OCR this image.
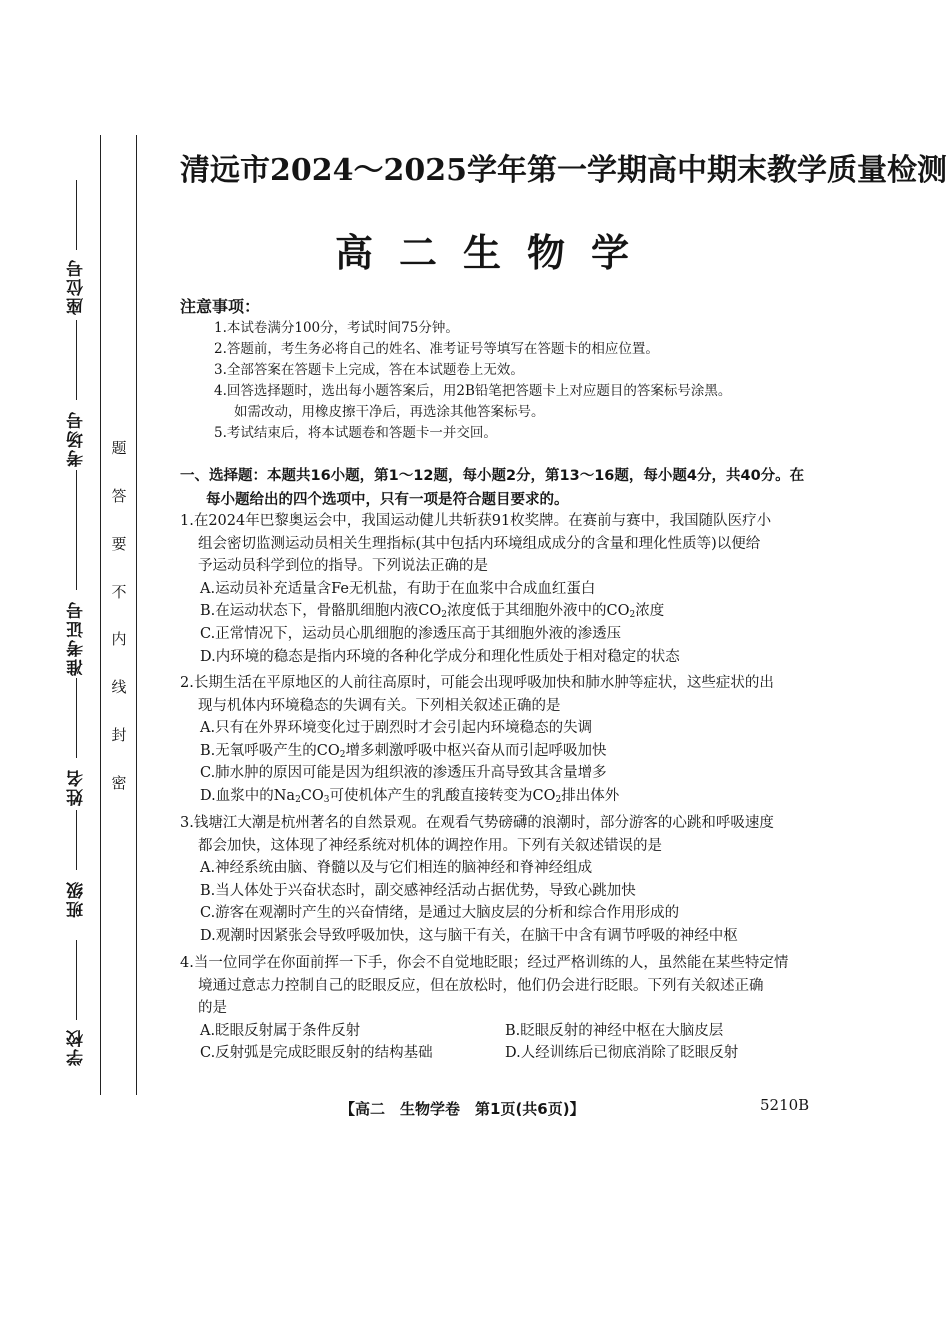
座位号
考场号
准考证号
姓名
班级
学校
题
答
要
不
内
线
封
密
清远市2024～2025学年第一学期高中期末教学质量检测
高二生物学
注意事项：
1.本试卷满分100分，考试时间75分钟。
2.答题前，考生务必将自己的姓名、准考证号等填写在答题卡的相应位置。
3.全部答案在答题卡上完成，答在本试题卷上无效。
4.回答选择题时，选出每小题答案后，用2B铅笔把答题卡上对应题目的答案标号涂黑。
如需改动，用橡皮擦干净后，再选涂其他答案标号。
5.考试结束后，将本试题卷和答题卡一并交回。
一、选择题：本题共16小题，第1～12题，每小题2分，第13～16题，每小题4分，共40分。在
每小题给出的四个选项中，只有一项是符合题目要求的。
1.在2024年巴黎奥运会中，我国运动健儿共斩获91枚奖牌。在赛前与赛中，我国随队医疗小
组会密切监测运动员相关生理指标(其中包括内环境组成成分的含量和理化性质等)以便给
予运动员科学到位的指导。下列说法正确的是
A.运动员补充适量含Fe无机盐，有助于在血浆中合成血红蛋白
B.在运动状态下，骨骼肌细胞内液$CO_2$浓度低于其细胞外液中的$CO_2$浓度
C.正常情况下，运动员心肌细胞的渗透压高于其细胞外液的渗透压
D.内环境的稳态是指内环境的各种化学成分和理化性质处于相对稳定的状态
2.长期生活在平原地区的人前往高原时，可能会出现呼吸加快和肺水肿等症状，这些症状的出
现与机体内环境稳态的失调有关。下列相关叙述正确的是
A.只有在外界环境变化过于剧烈时才会引起内环境稳态的失调
B.无氧呼吸产生的$CO_2$增多刺激呼吸中枢兴奋从而引起呼吸加快
C.肺水肿的原因可能是因为组织液的渗透压升高导致其含量增多
D.血浆中的$Na_2CO_3$可使机体产生的乳酸直接转变为$CO_2$排出体外
3.钱塘江大潮是杭州著名的自然景观。在观看气势磅礴的浪潮时，部分游客的心跳和呼吸速度
都会加快，这体现了神经系统对机体的调控作用。下列有关叙述错误的是
A.神经系统由脑、脊髓以及与它们相连的脑神经和脊神经组成
B.当人体处于兴奋状态时，副交感神经活动占据优势，导致心跳加快
C.游客在观潮时产生的兴奋情绪，是通过大脑皮层的分析和综合作用形成的
D.观潮时因紧张会导致呼吸加快，这与脑干有关，在脑干中含有调节呼吸的神经中枢
4.当一位同学在你面前挥一下手，你会不自觉地眨眼；经过严格训练的人，虽然能在某些特定情
境通过意志力控制自己的眨眼反应，但在放松时，他们仍会进行眨眼。下列有关叙述正确
的是
A.眨眼反射属于条件反射	B.眨眼反射的神经中枢在大脑皮层
C.反射弧是完成眨眼反射的结构基础	D.人经训练后已彻底消除了眨眼反射
【高二　生物学卷　第1页(共6页)】	5210B
